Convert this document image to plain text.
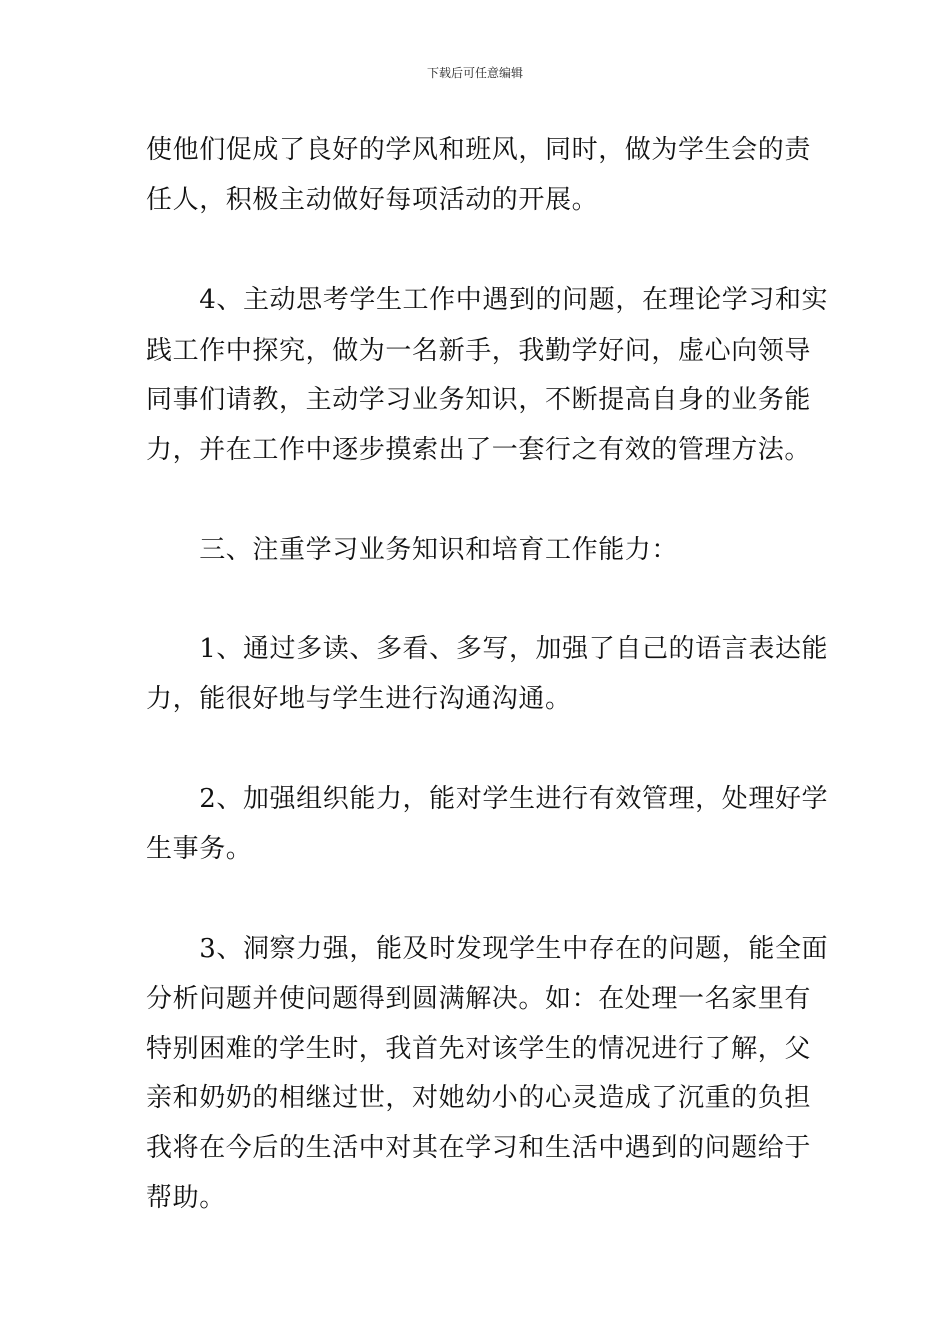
下载后可任意编辑
使他们促成了良好的学风和班风，同时，做为学生会的责
任人，积极主动做好每项活动的开展。
　　4、主动思考学生工作中遇到的问题，在理论学习和实
践工作中探究，做为一名新手，我勤学好问，虚心向领导
同事们请教，主动学习业务知识，不断提高自身的业务能
力，并在工作中逐步摸索出了一套行之有效的管理方法。
　　三、注重学习业务知识和培育工作能力：
　　1、通过多读、多看、多写，加强了自己的语言表达能
力，能很好地与学生进行沟通沟通。
　　2、加强组织能力，能对学生进行有效管理，处理好学
生事务。
　　3、洞察力强，能及时发现学生中存在的问题，能全面
分析问题并使问题得到圆满解决。如：在处理一名家里有
特别困难的学生时，我首先对该学生的情况进行了解，父
亲和奶奶的相继过世，对她幼小的心灵造成了沉重的负担
我将在今后的生活中对其在学习和生活中遇到的问题给于
帮助。
